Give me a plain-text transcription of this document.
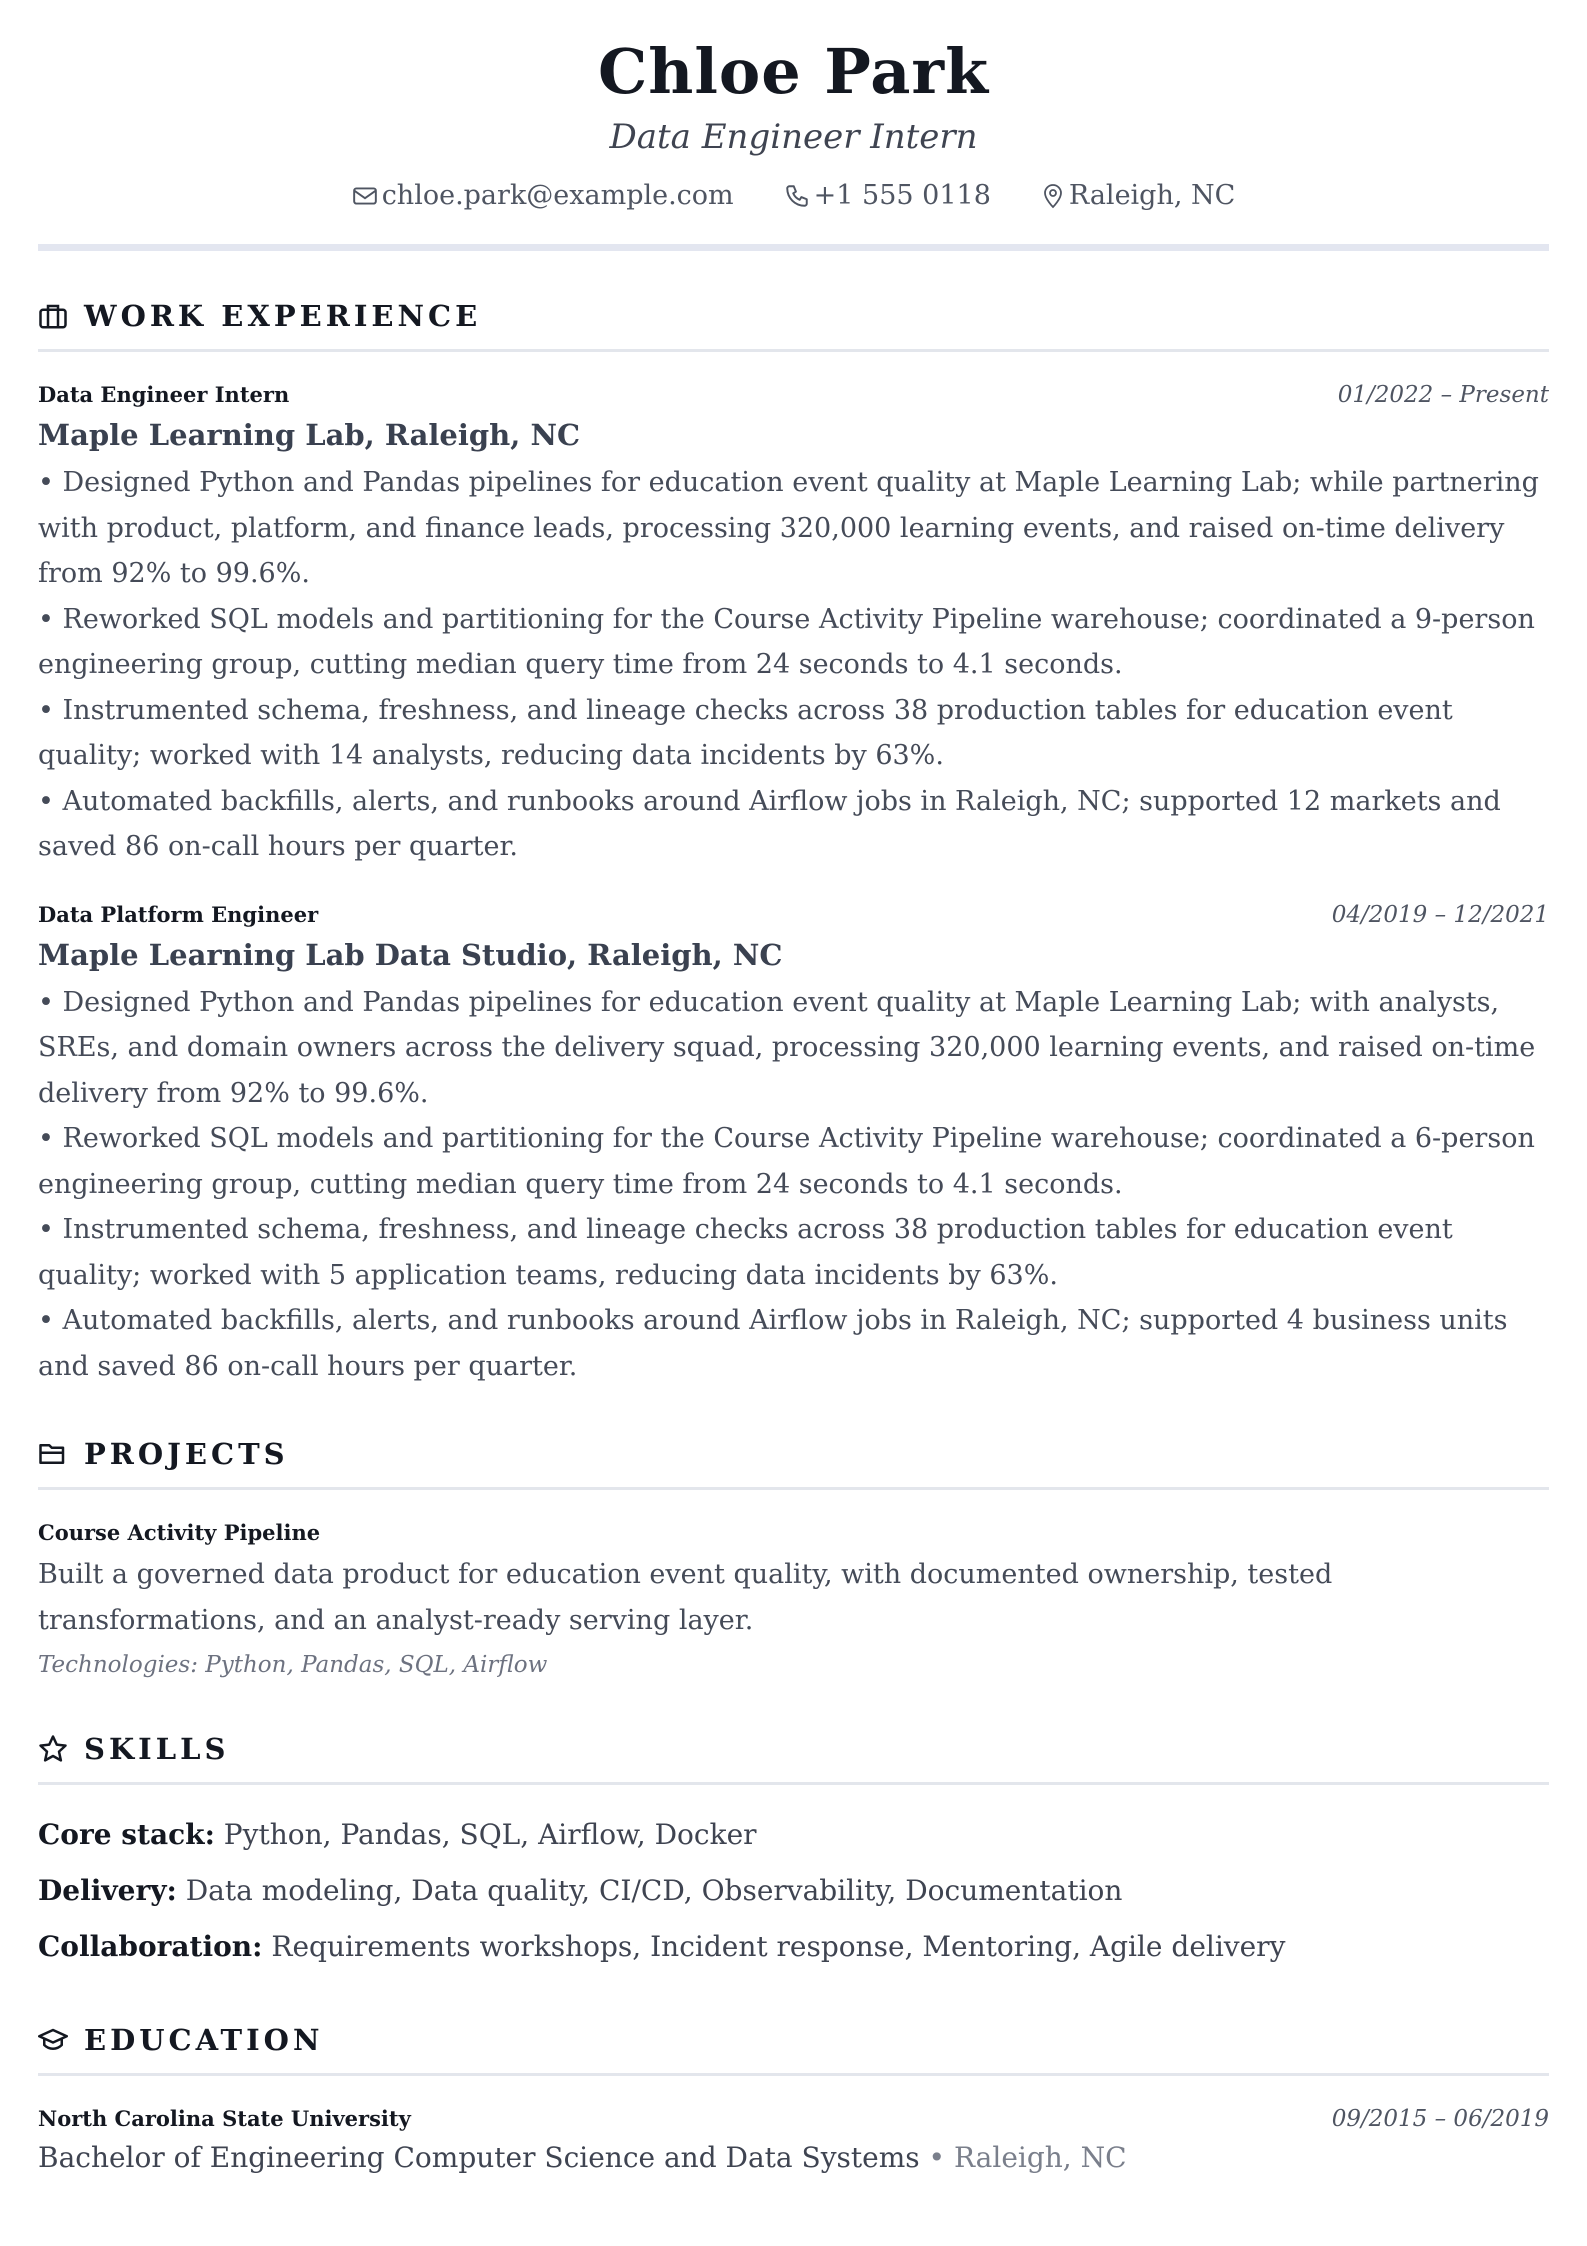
Chloe Park
Data Engineer Intern
chloe.park@example.com	+1 555 0118	Raleigh, NC
WORK EXPERIENCE
Data Engineer Intern	01/2022 – Present
Maple Learning Lab, Raleigh, NC

• Designed Python and Pandas pipelines for education event quality at Maple Learning Lab; while partnering with product, platform, and finance leads, processing 320,000 learning events, and raised on-time delivery from 92% to 99.6%.

• Reworked SQL models and partitioning for the Course Activity Pipeline warehouse; coordinated a 9-person engineering group, cutting median query time from 24 seconds to 4.1 seconds.

• Instrumented schema, freshness, and lineage checks across 38 production tables for education event quality; worked with 14 analysts, reducing data incidents by 63%.

• Automated backfills, alerts, and runbooks around Airflow jobs in Raleigh, NC; supported 12 markets and saved 86 on-call hours per quarter.

Data Platform Engineer	04/2019 – 12/2021
Maple Learning Lab Data Studio, Raleigh, NC

• Designed Python and Pandas pipelines for education event quality at Maple Learning Lab; with analysts, SREs, and domain owners across the delivery squad, processing 320,000 learning events, and raised on-time delivery from 92% to 99.6%.

• Reworked SQL models and partitioning for the Course Activity Pipeline warehouse; coordinated a 6-person engineering group, cutting median query time from 24 seconds to 4.1 seconds.

• Instrumented schema, freshness, and lineage checks across 38 production tables for education event quality; worked with 5 application teams, reducing data incidents by 63%.

• Automated backfills, alerts, and runbooks around Airflow jobs in Raleigh, NC; supported 4 business units and saved 86 on-call hours per quarter.

PROJECTS
Course Activity Pipeline
Built a governed data product for education event quality, with documented ownership, tested transformations, and an analyst-ready serving layer.
Technologies: Python, Pandas, SQL, Airflow
SKILLS
Core stack: Python, Pandas, SQL, Airflow, Docker
Delivery: Data modeling, Data quality, CI/CD, Observability, Documentation
Collaboration: Requirements workshops, Incident response, Mentoring, Agile delivery
EDUCATION
North Carolina State University	09/2015 – 06/2019
Bachelor of Engineering Computer Science and Data Systems • Raleigh, NC
